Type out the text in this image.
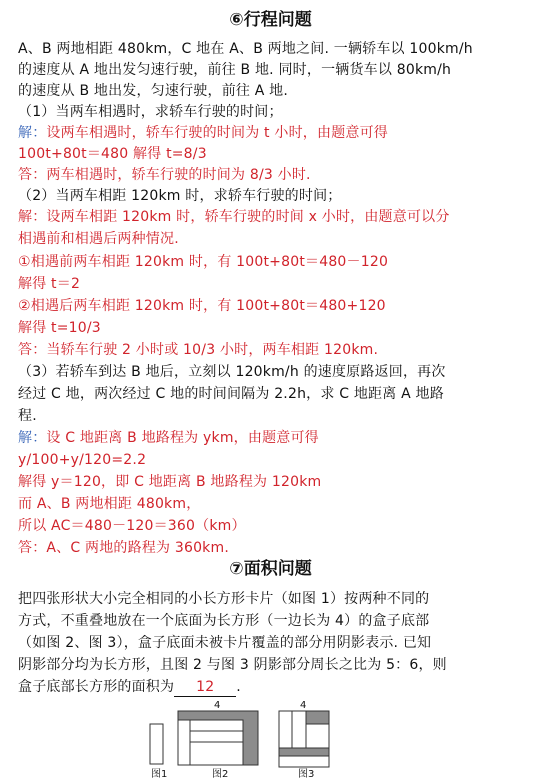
⑥行程问题
A、B 两地相距 480km，C 地在 A、B 两地之间. 一辆轿车以 100km/h
的速度从 A 地出发匀速行驶，前往 B 地. 同时，一辆货车以 80km/h
的速度从 B 地出发，匀速行驶，前往 A 地.
（1）当两车相遇时，求轿车行驶的时间；
解：设两车相遇时，轿车行驶的时间为 t 小时，由题意可得
100t+80t＝480 解得 t=8/3
答：两车相遇时，轿车行驶的时间为 8/3 小时.
（2）当两车相距 120km 时，求轿车行驶的时间；
解：设两车相距 120km 时，轿车行驶的时间 x 小时，由题意可以分
相遇前和相遇后两种情况.
①相遇前两车相距 120km 时，有 100t+80t＝480－120
解得 t＝2
②相遇后两车相距 120km 时，有 100t+80t＝480+120
解得 t=10/3
答：当轿车行驶 2 小时或 10/3 小时，两车相距 120km.
（3）若轿车到达 B 地后，立刻以 120km/h 的速度原路返回，再次
经过 C 地，两次经过 C 地的时间间隔为 2.2h，求 C 地距离 A 地路
程.
解：设 C 地距离 B 地路程为 ykm，由题意可得
y/100+y/120=2.2
解得 y＝120，即 C 地距离 B 地路程为 120km
而 A、B 两地相距 480km，
所以 AC＝480－120＝360（km）
答：A、C 两地的路程为 360km.
⑦面积问题
把四张形状大小完全相同的小长方形卡片（如图 1）按两种不同的
方式，不重叠地放在一个底面为长方形（一边长为 4）的盒子底部
（如图 2、图 3），盒子底面未被卡片覆盖的部分用阴影表示. 已知
阴影部分均为长方形，且图 2 与图 3 阴影部分周长之比为 5：6，则
盒子底部长方形的面积为 12 .
图1
4
图2
4
图3
